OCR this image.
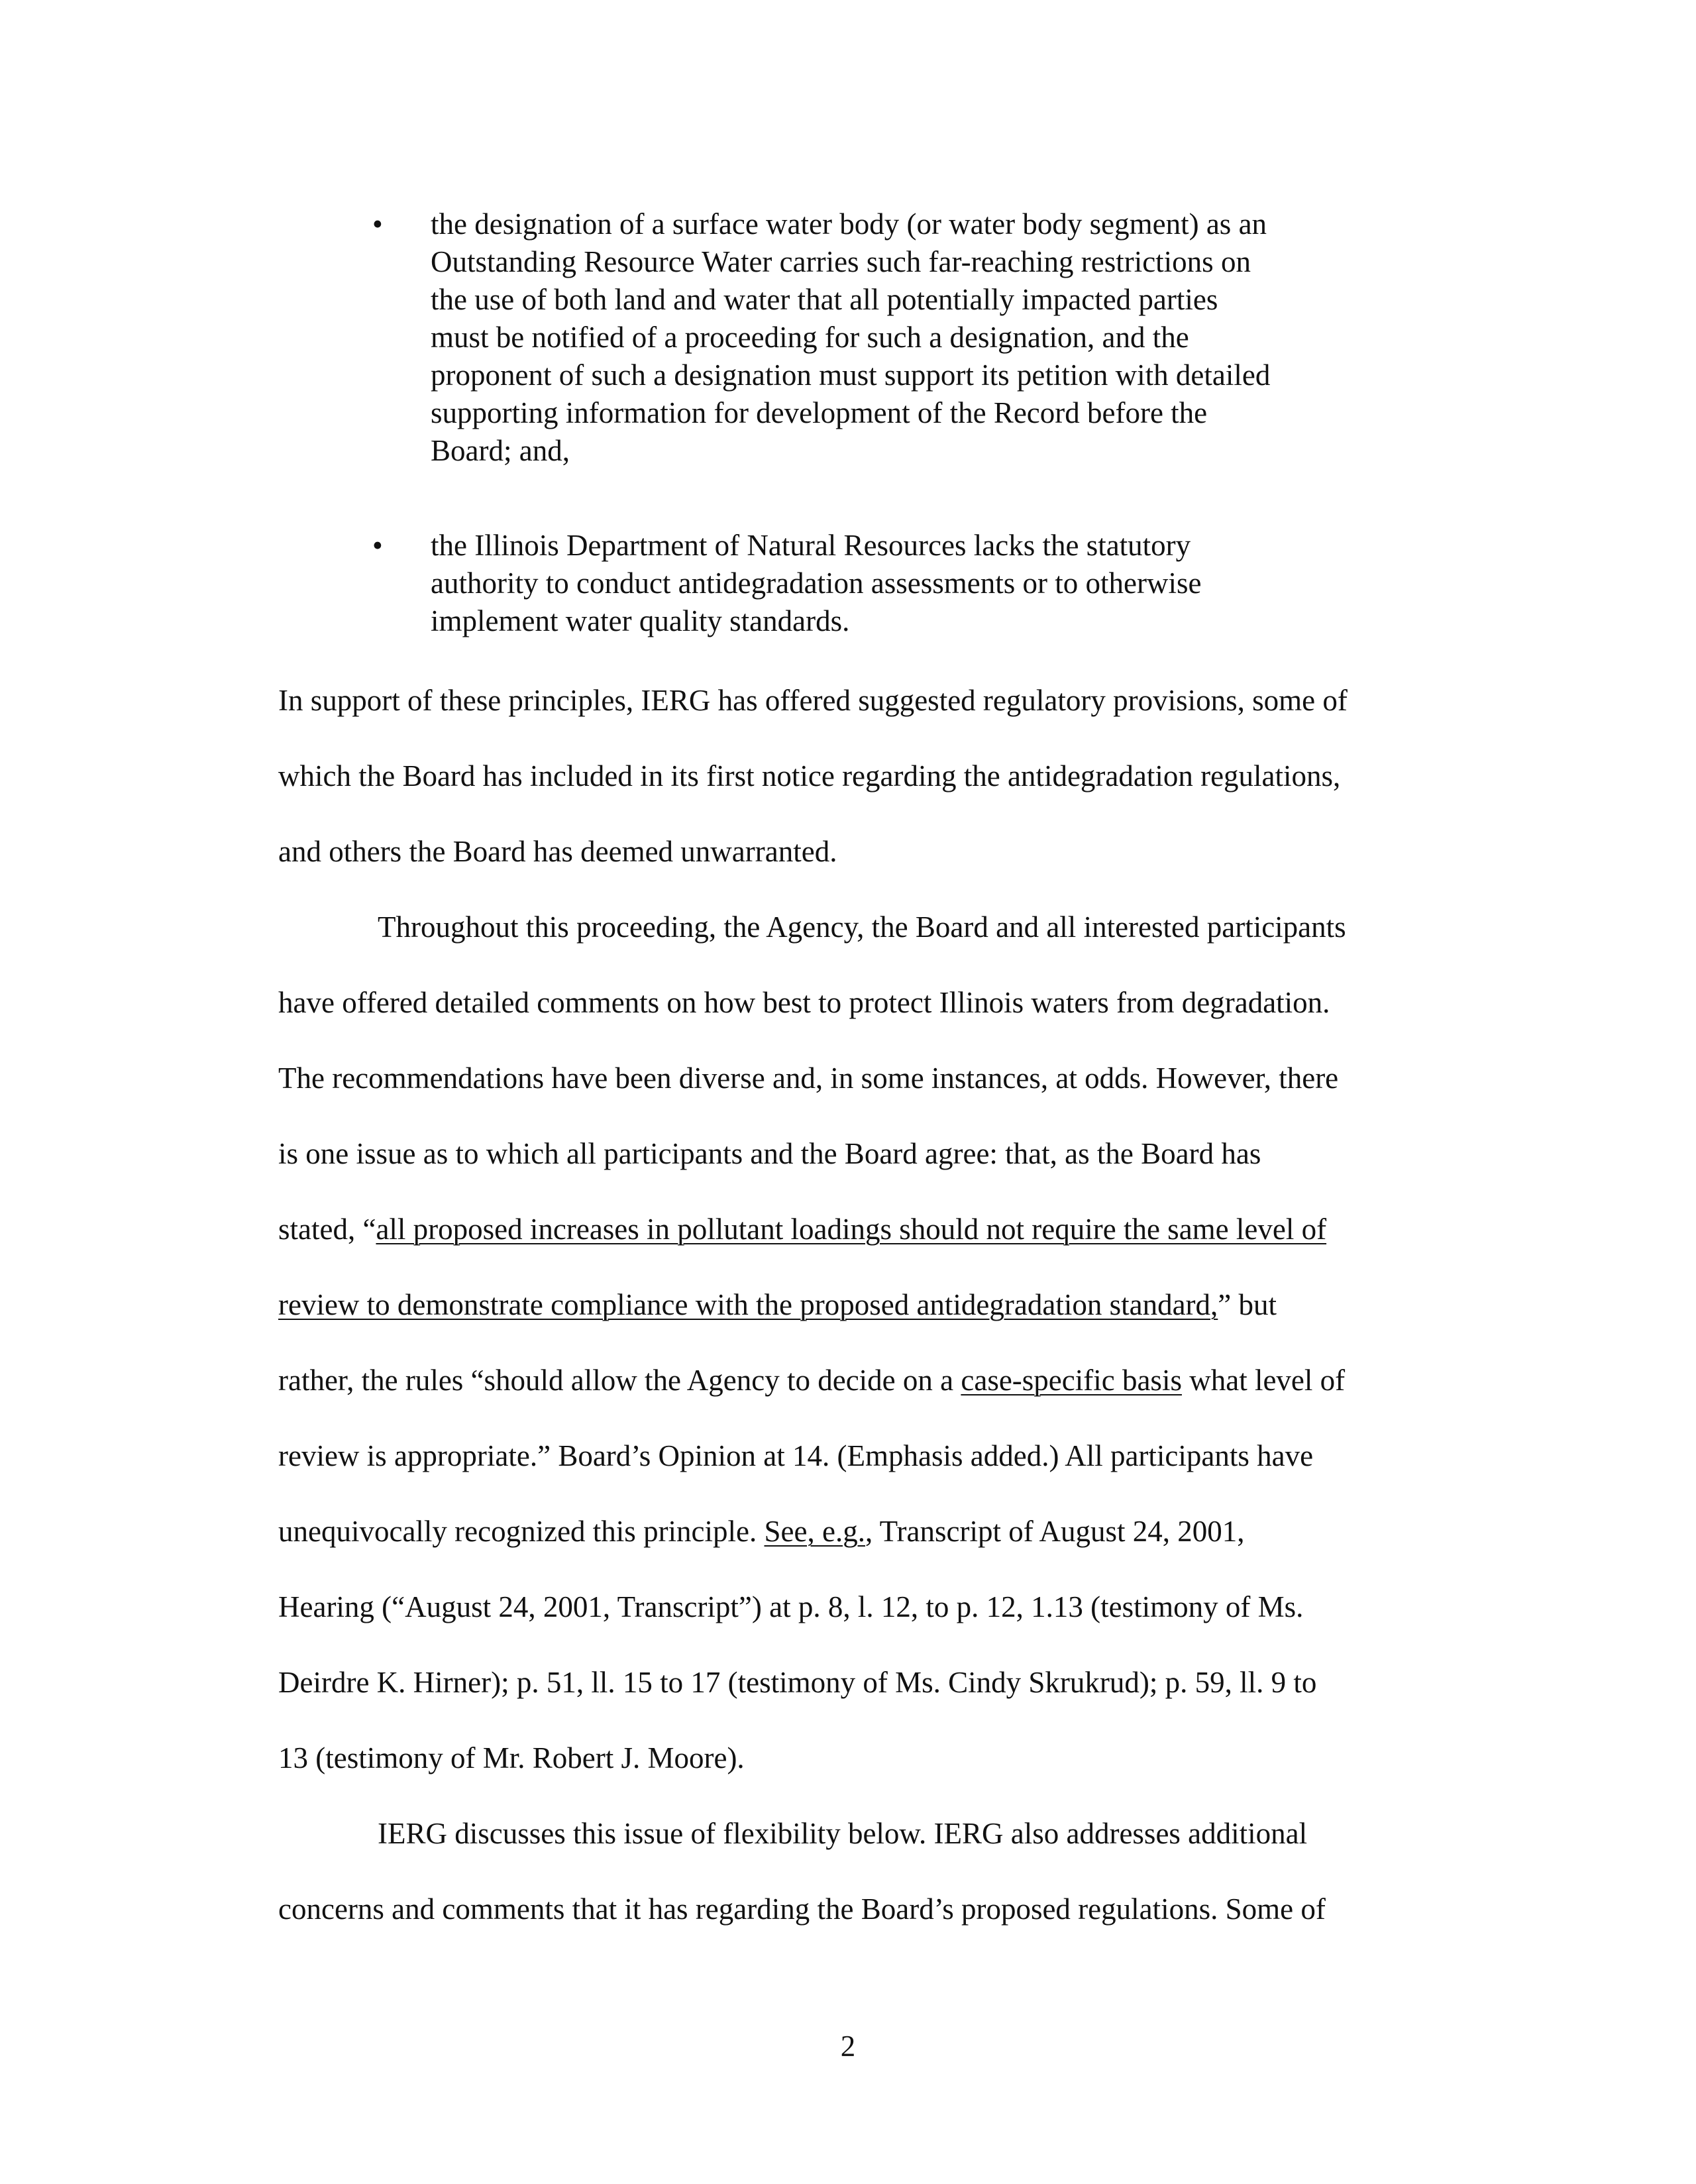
• the designation of a surface water body (or water body segment) as an
Outstanding Resource Water carries such far-reaching restrictions on
the use of both land and water that all potentially impacted parties
must be notified of a proceeding for such a designation, and the
proponent of such a designation must support its petition with detailed
supporting information for development of the Record before the
Board; and,
• the Illinois Department of Natural Resources lacks the statutory
authority to conduct antidegradation assessments or to otherwise
implement water quality standards.

In support of these principles, IERG has offered suggested regulatory provisions, some of
which the Board has included in its first notice regarding the antidegradation regulations,
and others the Board has deemed unwarranted.

Throughout this proceeding, the Agency, the Board and all interested participants
have offered detailed comments on how best to protect Illinois waters from degradation.
The recommendations have been diverse and, in some instances, at odds. However, there
is one issue as to which all participants and the Board agree: that, as the Board has
stated, “all proposed increases in pollutant loadings should not require the same level of
review to demonstrate compliance with the proposed antidegradation standard,” but
rather, the rules “should allow the Agency to decide on a case-specific basis what level of
review is appropriate.” Board’s Opinion at 14. (Emphasis added.) All participants have
unequivocally recognized this principle. See, e.g., Transcript of August 24, 2001,
Hearing (“August 24, 2001, Transcript”) at p. 8, l. 12, to p. 12, 1.13 (testimony of Ms.
Deirdre K. Hirner); p. 51, ll. 15 to 17 (testimony of Ms. Cindy Skrukrud); p. 59, ll. 9 to
13 (testimony of Mr. Robert J. Moore).

IERG discusses this issue of flexibility below. IERG also addresses additional
concerns and comments that it has regarding the Board’s proposed regulations. Some of

2
